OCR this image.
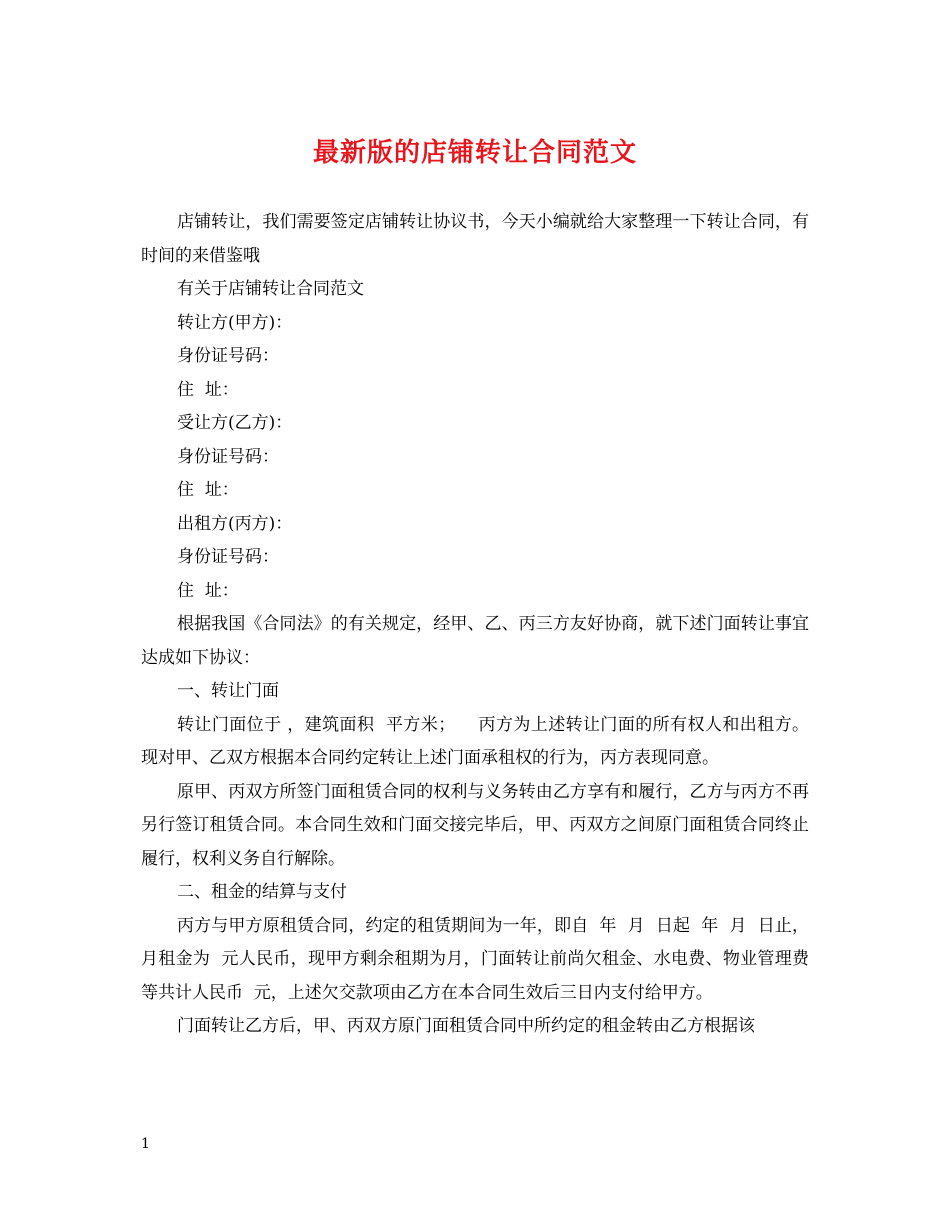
最新版的店铺转让合同范文

店铺转让，我们需要签定店铺转让协议书，今天小编就给大家整理一下转让合同，有时间的来借鉴哦

有关于店铺转让合同范文

转让方(甲方)：

身份证号码：

住  址：

受让方(乙方)：

身份证号码：

住  址：

出租方(丙方)：

身份证号码：

住  址：

根据我国《合同法》的有关规定，经甲、乙、丙三方友好协商，就下述门面转让事宜达成如下协议：

一、转让门面

转让门面位于 ，建筑面积  平方米；    丙方为上述转让门面的所有权人和出租方。现对甲、乙双方根据本合同约定转让上述门面承租权的行为，丙方表现同意。

原甲、丙双方所签门面租赁合同的权利与义务转由乙方享有和履行，乙方与丙方不再另行签订租赁合同。本合同生效和门面交接完毕后，甲、丙双方之间原门面租赁合同终止履行，权利义务自行解除。

二、租金的结算与支付

丙方与甲方原租赁合同，约定的租赁期间为一年，即自  年  月  日起  年  月  日止，月租金为  元人民币，现甲方剩余租期为月，门面转让前尚欠租金、水电费、物业管理费等共计人民币  元，上述欠交款项由乙方在本合同生效后三日内支付给甲方。

门面转让乙方后，甲、丙双方原门面租赁合同中所约定的租金转由乙方根据该

1
